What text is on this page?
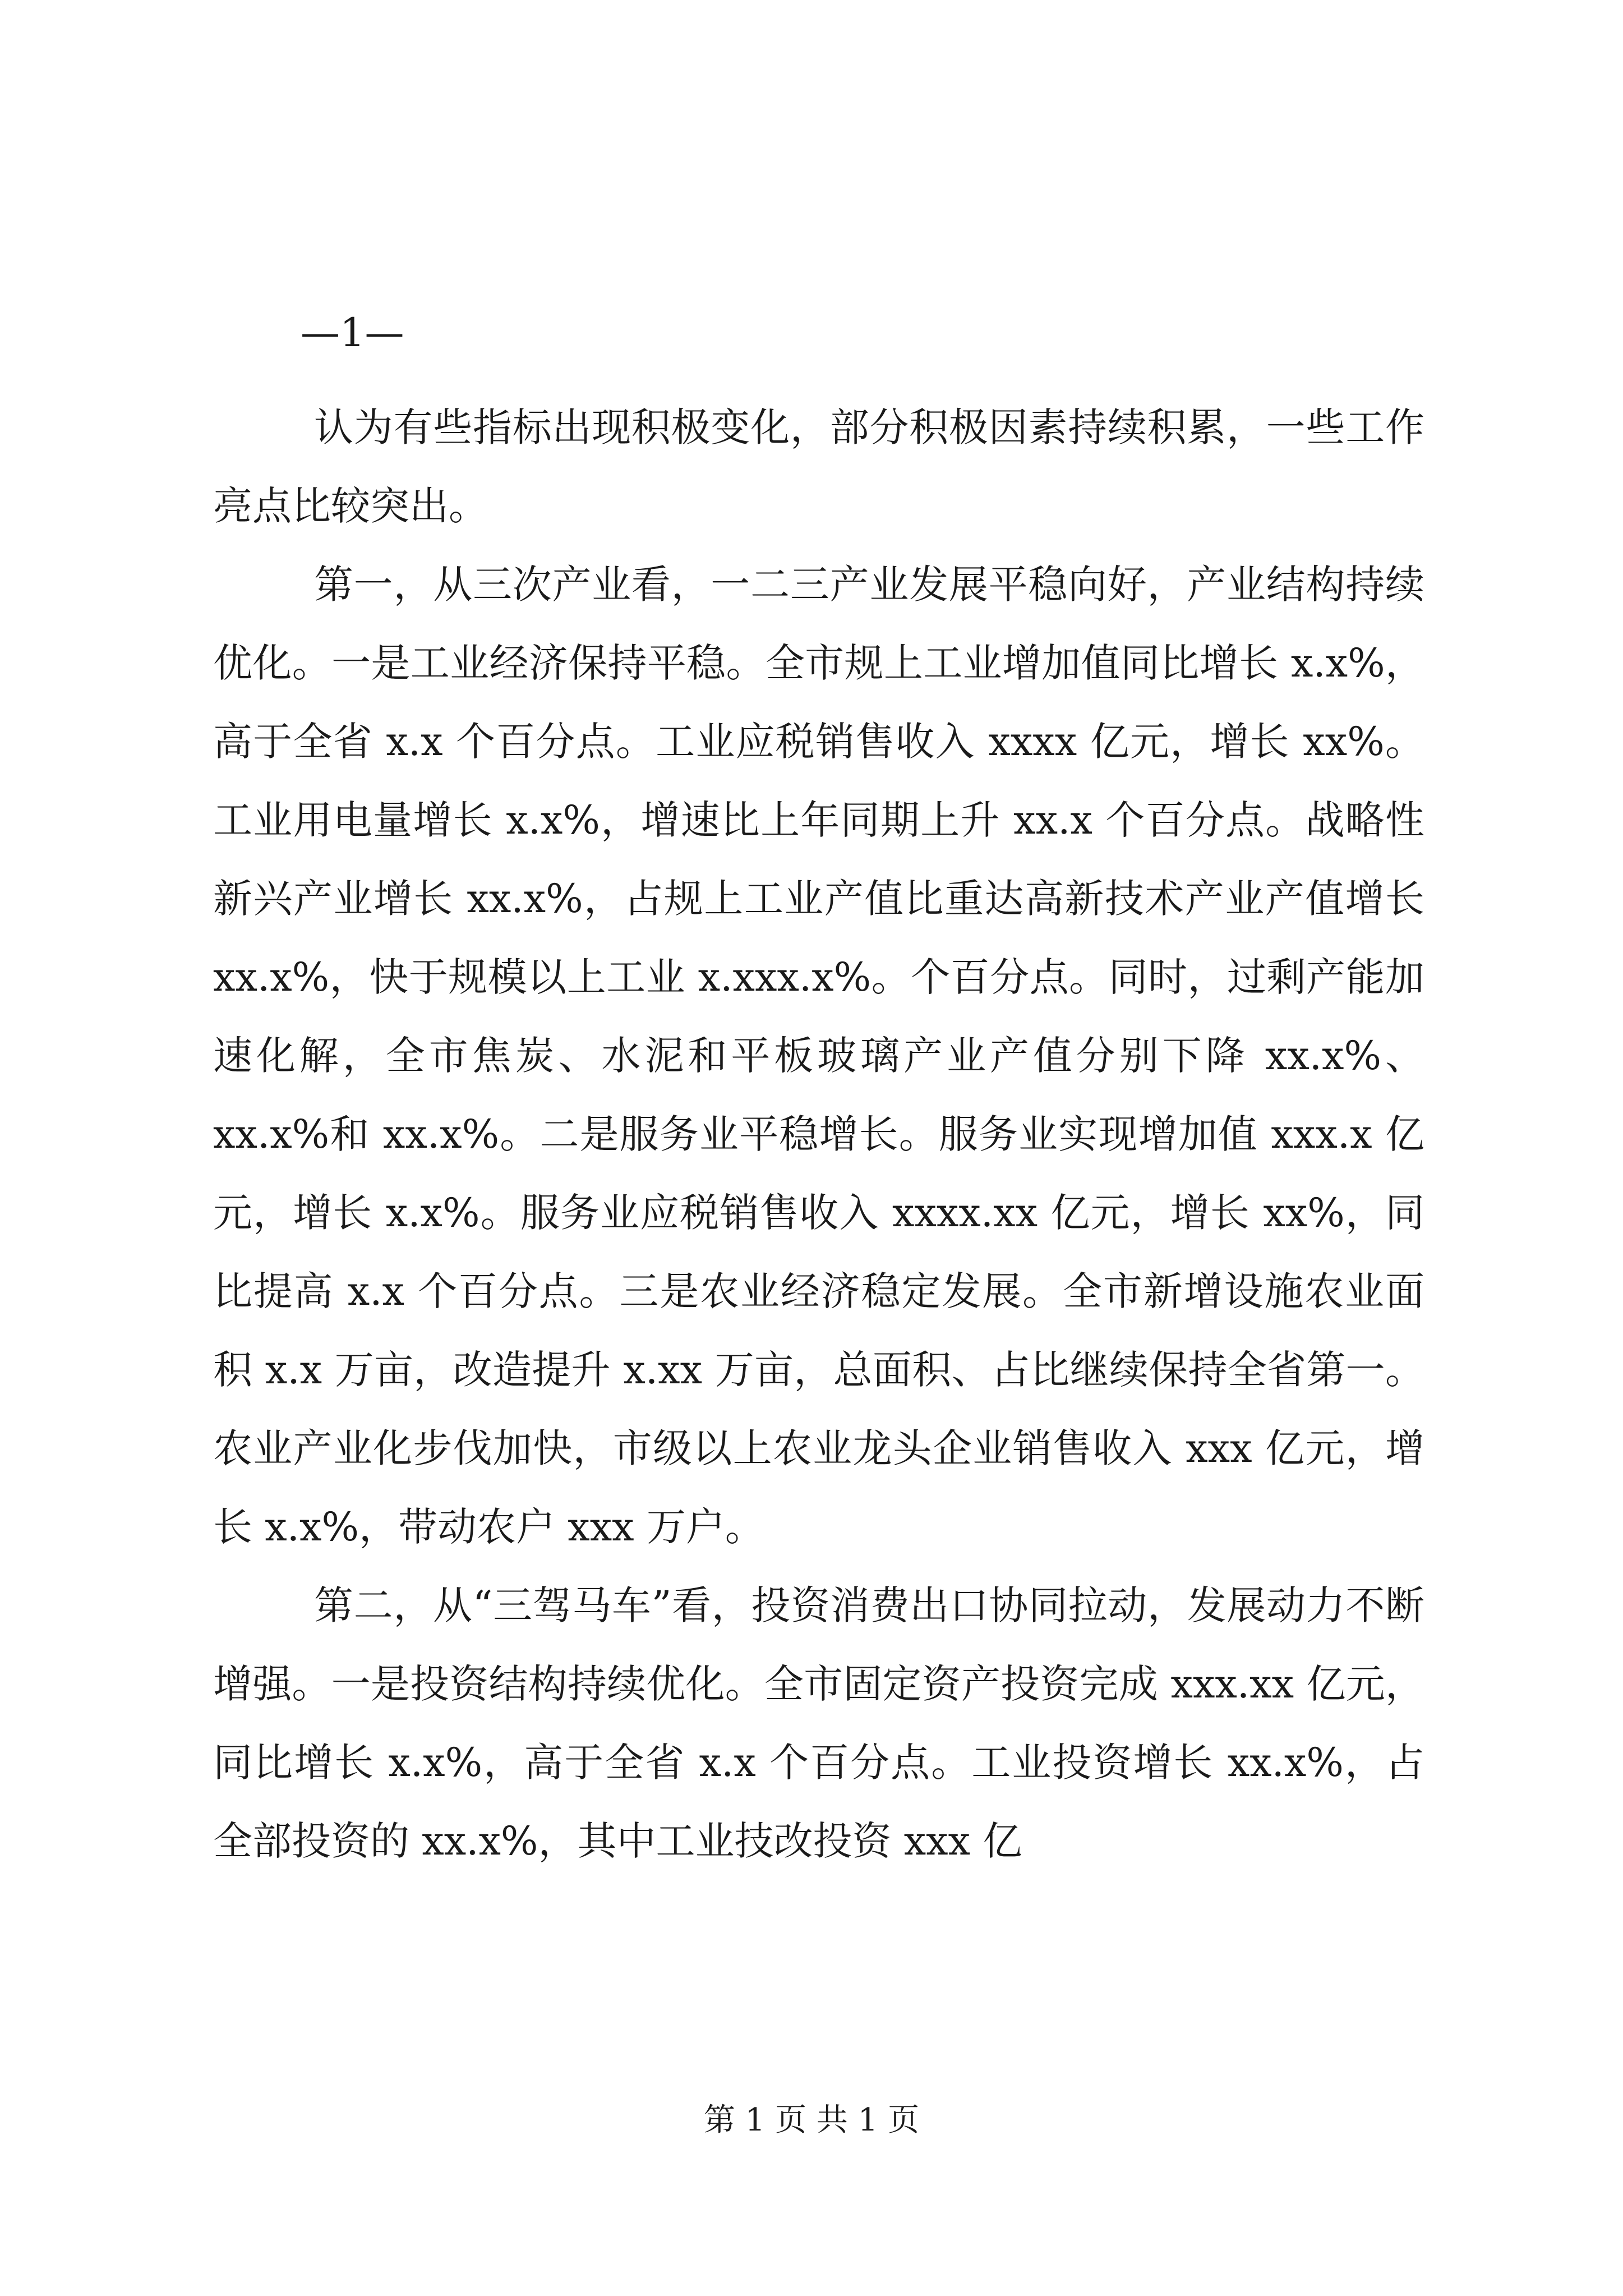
—1—

认为有些指标出现积极变化，部分积极因素持续积累，一些工作亮点比较突出。

第一，从三次产业看，一二三产业发展平稳向好，产业结构持续优化。一是工业经济保持平稳。全市规上工业增加值同比增长 x.x%，高于全省 x.x 个百分点。工业应税销售收入 xxxx 亿元，增长 xx%。工业用电量增长 x.x%，增速比上年同期上升 xx.x 个百分点。战略性新兴产业增长 xx.x%，占规上工业产值比重达高新技术产业产值增长 xx.x%，快于规模以上工业 x.xxx.x%。个百分点。同时，过剩产能加速化解，全市焦炭、水泥和平板玻璃产业产值分别下降 xx.x%、xx.x%和 xx.x%。二是服务业平稳增长。服务业实现增加值 xxx.x 亿元，增长 x.x%。服务业应税销售收入 xxxx.xx 亿元，增长 xx%，同比提高 x.x 个百分点。三是农业经济稳定发展。全市新增设施农业面积 x.x 万亩，改造提升 x.xx 万亩，总面积、占比继续保持全省第一。农业产业化步伐加快，市级以上农业龙头企业销售收入 xxx 亿元，增长 x.x%，带动农户 xxx 万户。

第二，从“三驾马车”看，投资消费出口协同拉动，发展动力不断增强。一是投资结构持续优化。全市固定资产投资完成 xxx.xx 亿元，同比增长 x.x%，高于全省 x.x 个百分点。工业投资增长 xx.x%，占全部投资的 xx.x%，其中工业技改投资 xxx 亿

第 1 页 共 1 页
